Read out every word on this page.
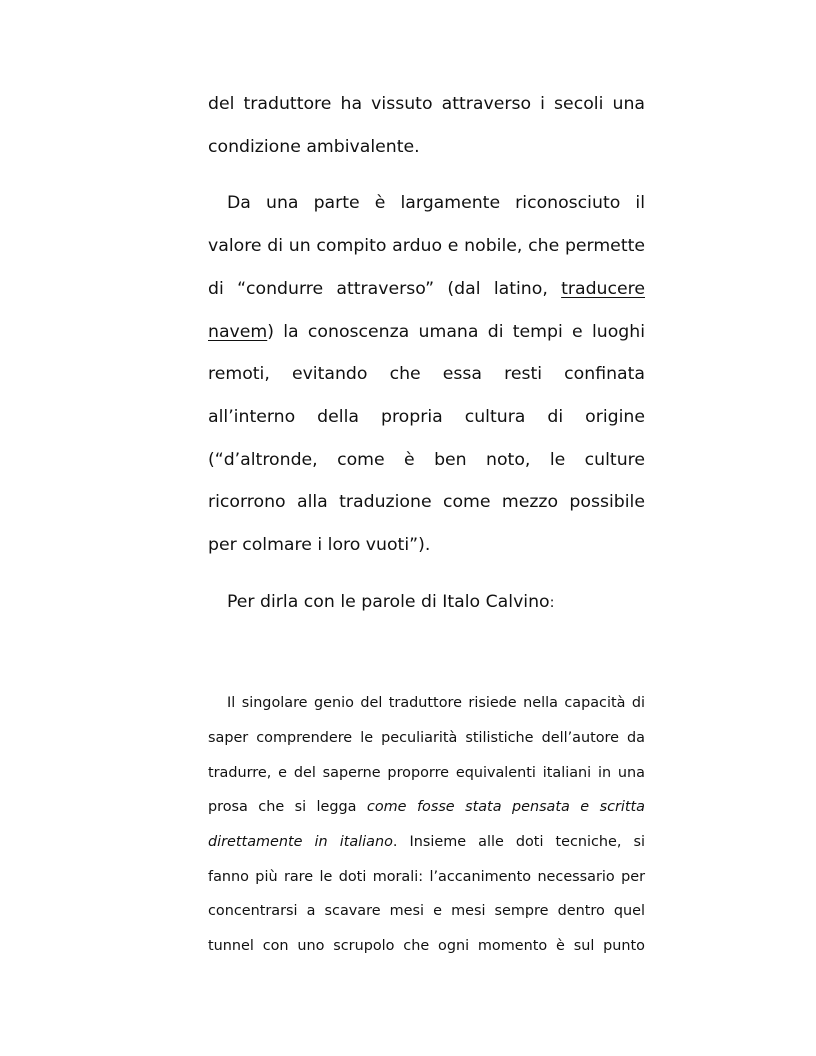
del traduttore ha vissuto attraverso i secoli una
condizione ambivalente.
Da una parte è largamente riconosciuto il
valore di un compito arduo e nobile, che permette
di “condurre attraverso” (dal latino, traducere
navem) la conoscenza umana di tempi e luoghi
remoti, evitando che essa resti confinata
all’interno della propria cultura di origine
(“d’altronde, come è ben noto, le culture
ricorrono alla traduzione come mezzo possibile
per colmare i loro vuoti”).
Per dirla con le parole di Italo Calvino:
Il singolare genio del traduttore risiede nella capacità di
saper comprendere le peculiarità stilistiche dell’autore da
tradurre, e del saperne proporre equivalenti italiani in una
prosa che si legga come fosse stata pensata e scritta
direttamente in italiano. Insieme alle doti tecniche, si
fanno più rare le doti morali: l’accanimento necessario per
concentrarsi a scavare mesi e mesi sempre dentro quel
tunnel con uno scrupolo che ogni momento è sul punto
